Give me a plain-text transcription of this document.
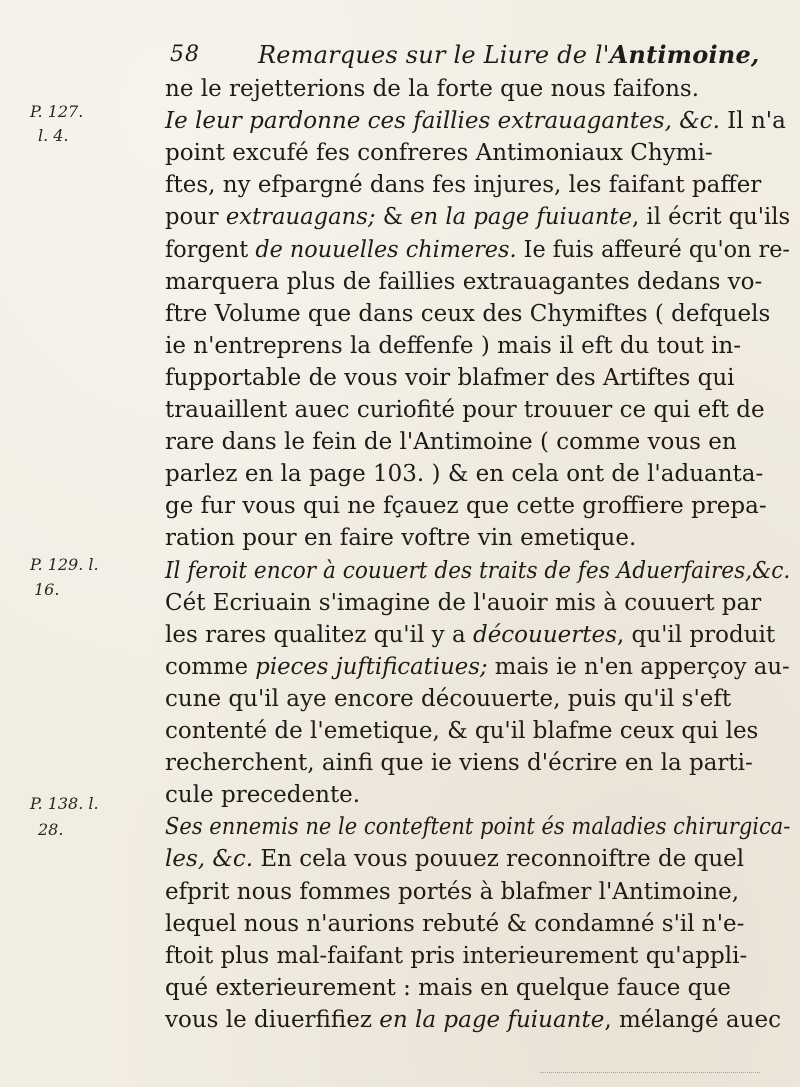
58 Remarques sur le Liure de l'Antimoine,
P. 127.
l. 4.
P. 129. l.
16.
P. 138. l.
28.
ne le rejetterions de la forte que nous faifons.
Ie leur pardonne ces faillies extrauagantes, &c. Il n'a
point excufé fes confreres Antimoniaux Chymi-
ftes, ny efpargné dans fes injures, les faifant paffer
pour extrauagans; & en la page fuiuante, il écrit qu'ils
forgent de nouuelles chimeres. Ie fuis affeuré qu'on re-
marquera plus de faillies extrauagantes dedans vo-
ftre Volume que dans ceux des Chymiftes ( defquels
ie n'entreprens la deffenfe ) mais il eft du tout in-
fupportable de vous voir blafmer des Artiftes qui
trauaillent auec curiofité pour trouuer ce qui eft de
rare dans le fein de l'Antimoine ( comme vous en
parlez en la page 103. ) & en cela ont de l'aduanta-
ge fur vous qui ne fçauez que cette groffiere prepa-
ration pour en faire voftre vin emetique.
Il feroit encor à couuert des traits de fes Aduerfaires,&c.
Cét Ecriuain s'imagine de l'auoir mis à couuert par
les rares qualitez qu'il y a découuertes, qu'il produit
comme pieces juftificatiues; mais ie n'en apperçoy au-
cune qu'il aye encore découuerte, puis qu'il s'eft
contenté de l'emetique, & qu'il blafme ceux qui les
recherchent, ainfi que ie viens d'écrire en la parti-
cule precedente.
Ses ennemis ne le conteftent point és maladies chirurgica-
les, &c. En cela vous pouuez reconnoiftre de quel
efprit nous fommes portés à blafmer l'Antimoine,
lequel nous n'aurions rebuté & condamné s'il n'e-
ftoit plus mal-faifant pris interieurement qu'appli-
qué exterieurement : mais en quelque fauce que
vous le diuerfifiez en la page fuiuante, mélangé auec
